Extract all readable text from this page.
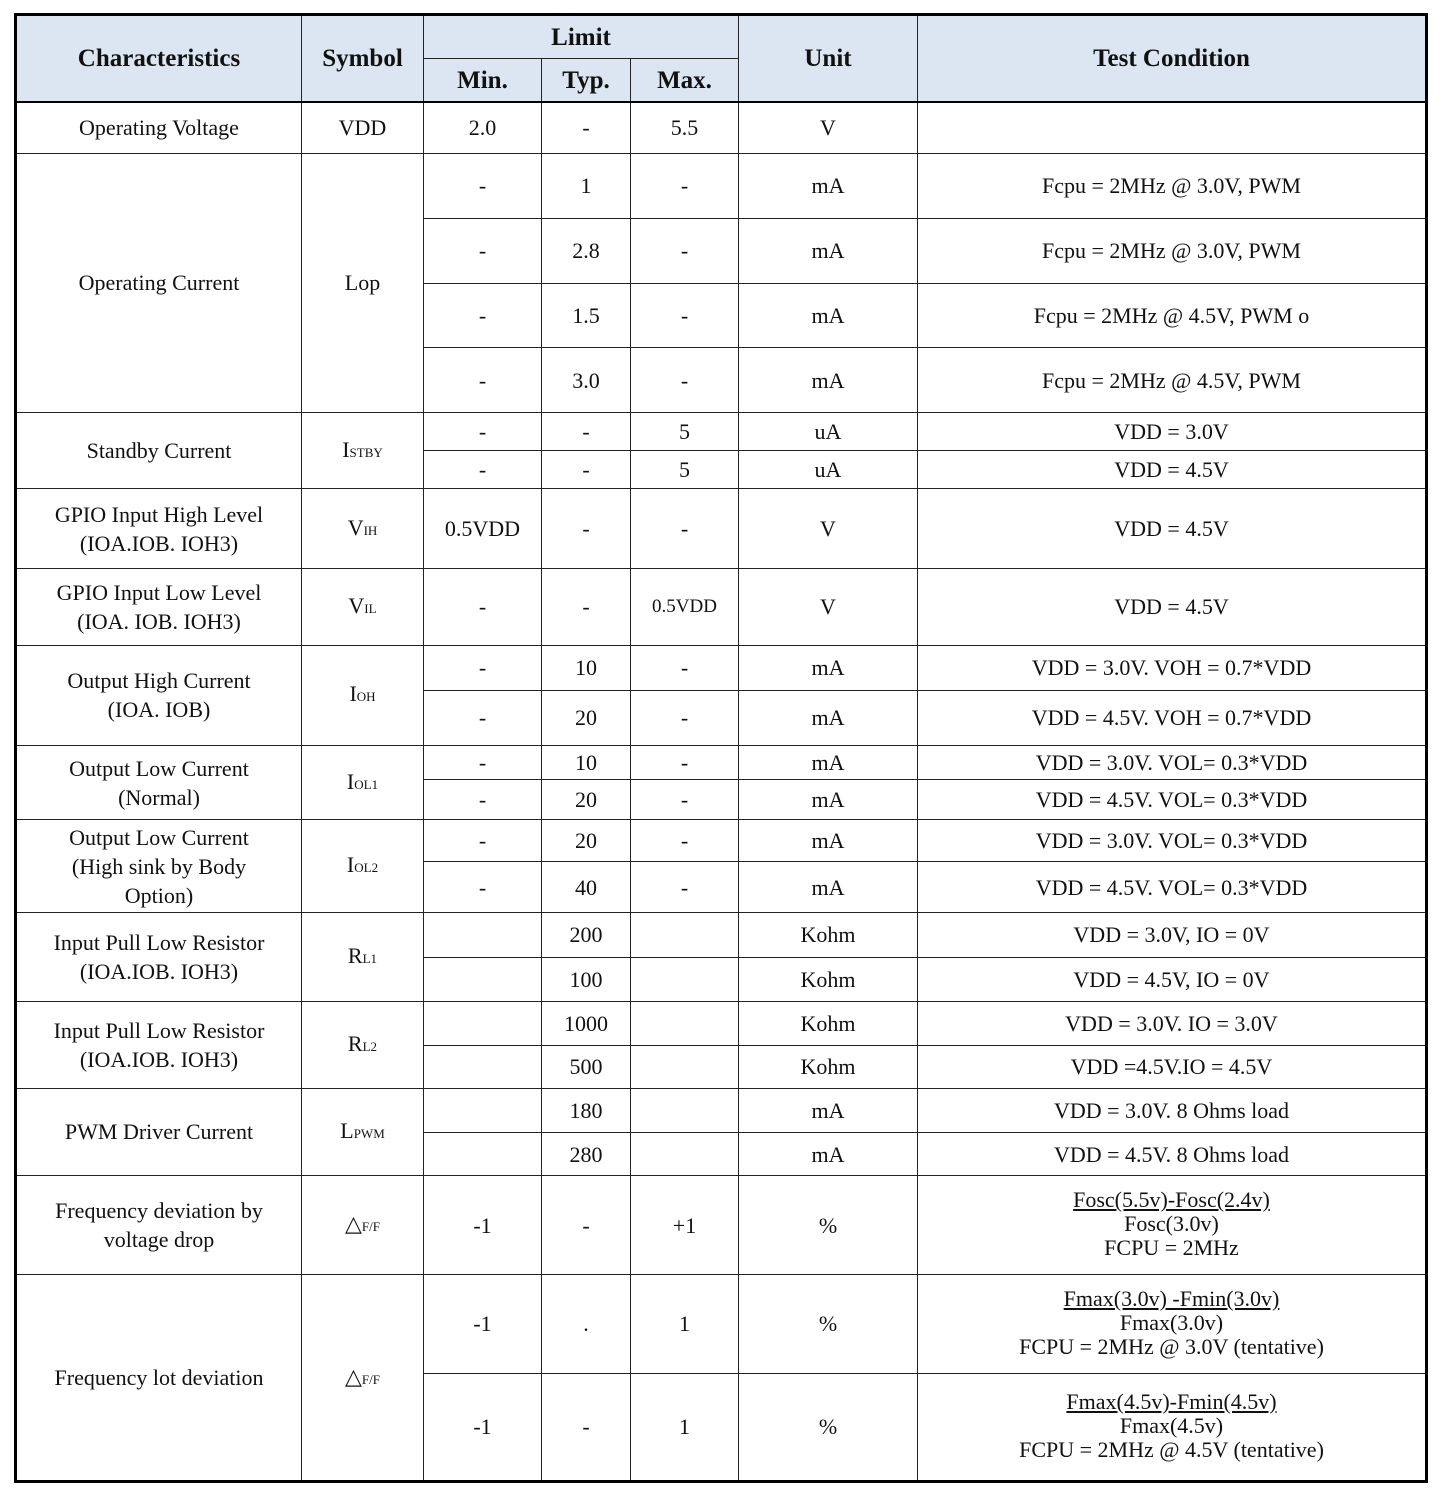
Characteristics	Symbol	Limit			Unit	Test Condition
		Min.	Typ.	Max.		
Operating Voltage	VDD	2.0	-	5.5	V	
Operating Current	Lop	-	1	-	mA	Fcpu = 2MHz @ 3.0V, PWM
		-	2.8	-	mA	Fcpu = 2MHz @ 3.0V, PWM
		-	1.5	-	mA	Fcpu = 2MHz @ 4.5V, PWM o
		-	3.0	-	mA	Fcpu = 2MHz @ 4.5V, PWM
Standby Current	ISTBY	-	-	5	uA	VDD = 3.0V
		-	-	5	uA	VDD = 4.5V
GPIO Input High Level
(IOA.IOB. IOH3)	VIH	0.5VDD	-	-	V	VDD = 4.5V
GPIO Input Low Level
(IOA. IOB. IOH3)	VIL	-	-	0.5VDD	V	VDD = 4.5V
Output High Current
(IOA. IOB)	IOH	-	10	-	mA	VDD = 3.0V. VOH = 0.7*VDD
		-	20	-	mA	VDD = 4.5V. VOH = 0.7*VDD
Output Low Current
(Normal)	IOL1	-	10	-	mA	VDD = 3.0V. VOL= 0.3*VDD
		-	20	-	mA	VDD = 4.5V. VOL= 0.3*VDD
Output Low Current
(High sink by Body
Option)	IOL2	-	20	-	mA	VDD = 3.0V. VOL= 0.3*VDD
		-	40	-	mA	VDD = 4.5V. VOL= 0.3*VDD
Input Pull Low Resistor
(IOA.IOB. IOH3)	RL1		200		Kohm	VDD = 3.0V, IO = 0V
			100		Kohm	VDD = 4.5V, IO = 0V
Input Pull Low Resistor
(IOA.IOB. IOH3)	RL2		1000		Kohm	VDD = 3.0V. IO = 3.0V
			500		Kohm	VDD =4.5V.IO = 4.5V
PWM Driver Current	LPWM		180		mA	VDD = 3.0V. 8 Ohms load
			280		mA	VDD = 4.5V. 8 Ohms load
Frequency deviation by
voltage drop	△F/F	-1	-	+1	%	Fosc(5.5v)-Fosc(2.4v)
Fosc(3.0v)
FCPU = 2MHz
Frequency lot deviation	△F/F	-1	.	1	%	Fmax(3.0v) -Fmin(3.0v)
Fmax(3.0v)
FCPU = 2MHz @ 3.0V (tentative)
		-1	-	1	%	Fmax(4.5v)-Fmin(4.5v)
Fmax(4.5v)
FCPU = 2MHz @ 4.5V (tentative)
